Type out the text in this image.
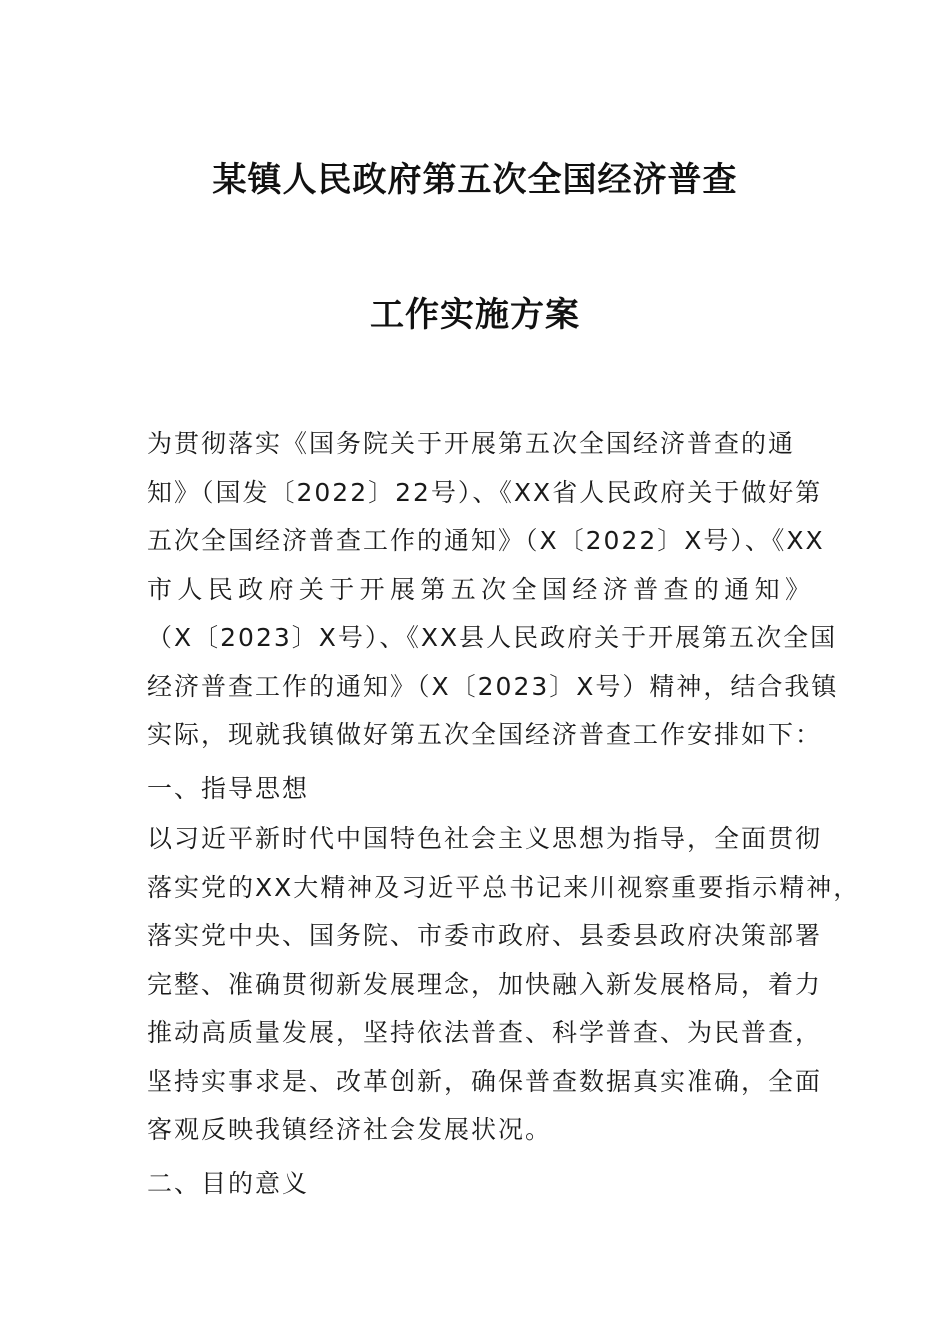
某镇人民政府第五次全国经济普查
工作实施方案
为贯彻落实《国务院关于开展第五次全国经济普查的通
知》（国发〔2022〕22号）、《XX省人民政府关于做好第
五次全国经济普查工作的通知》（X〔2022〕X号）、《XX
市人民政府关于开展第五次全国经济普查的通知》
（X〔2023〕X号）、《XX县人民政府关于开展第五次全国
经济普查工作的通知》（X〔2023〕X号）精神，结合我镇
实际，现就我镇做好第五次全国经济普查工作安排如下：
一、指导思想
以习近平新时代中国特色社会主义思想为指导，全面贯彻
落实党的XX大精神及习近平总书记来川视察重要指示精神，
落实党中央、国务院、市委市政府、县委县政府决策部署
完整、准确贯彻新发展理念，加快融入新发展格局，着力
推动高质量发展，坚持依法普查、科学普查、为民普查，
坚持实事求是、改革创新，确保普查数据真实准确，全面
客观反映我镇经济社会发展状况。
二、目的意义
